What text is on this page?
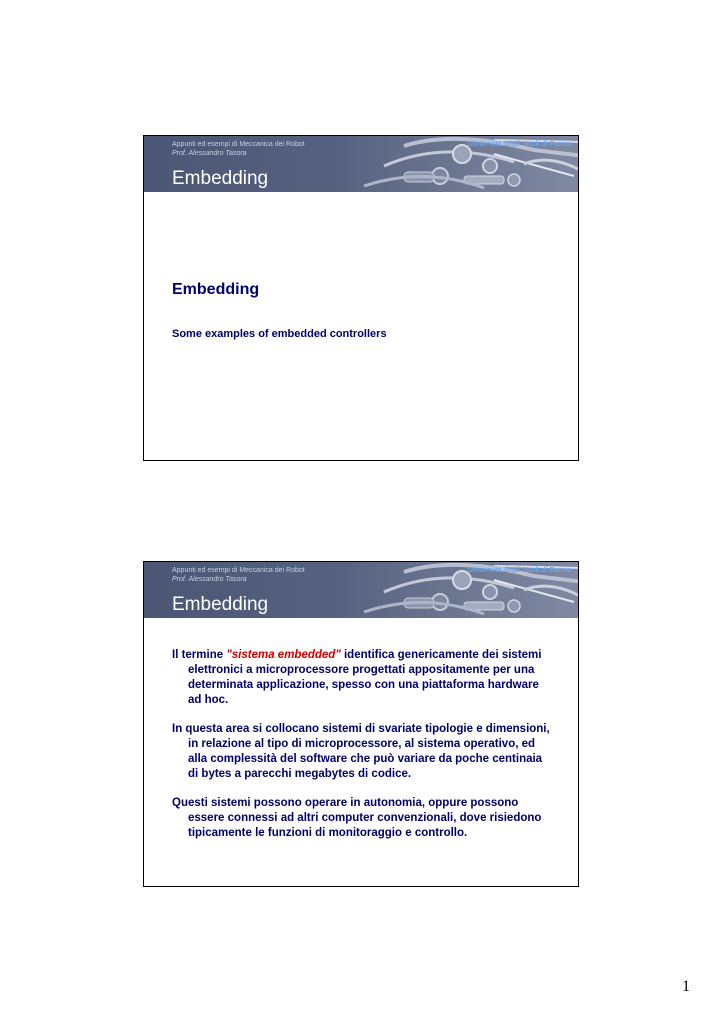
Appunti ed esempi di Meccanica dei Robot
Prof. Alessandro Tasora
Università degli Studi di Parma
Embedding
Embedding
Some examples of embedded controllers
Appunti ed esempi di Meccanica dei Robot
Prof. Alessandro Tasora
Università degli Studi di Parma
Embedding

Il termine "sistema embedded" identifica genericamente dei sistemi elettronici a microprocessore progettati appositamente per una determinata applicazione, spesso con una piattaforma hardware ad hoc.

In questa area si collocano sistemi di svariate tipologie e dimensioni, in relazione al tipo di microprocessore, al sistema operativo, ed alla complessità del software che può variare da poche centinaia di bytes a parecchi megabytes di codice.

Questi sistemi possono operare in autonomia, oppure possono essere connessi ad altri computer convenzionali, dove risiedono tipicamente le funzioni di monitoraggio e controllo.

1
